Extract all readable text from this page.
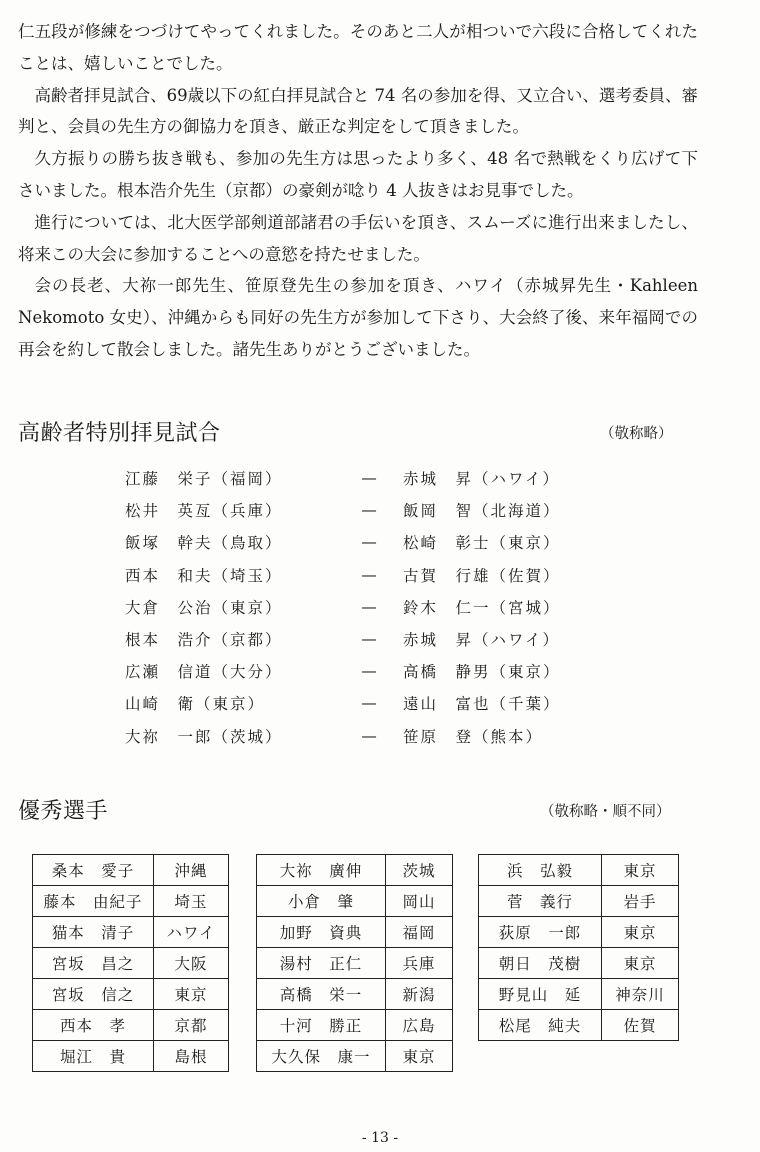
仁五段が修練をつづけてやってくれました。そのあと二人が相ついで六段に合格してくれたことは、嬉しいことでした。

高齢者拝見試合、69歳以下の紅白拝見試合と 74 名の参加を得、又立合い、選考委員、審判と、会員の先生方の御協力を頂き、厳正な判定をして頂きました。

久方振りの勝ち抜き戦も、参加の先生方は思ったより多く、48 名で熱戦をくり広げて下さいました。根本浩介先生（京都）の豪剣が唸り 4 人抜きはお見事でした。

進行については、北大医学部剣道部諸君の手伝いを頂き、スムーズに進行出来ましたし、将来この大会に参加することへの意慾を持たせました。

会の長老、大祢一郎先生、笹原登先生の参加を頂き、ハワイ（赤城昇先生・Kahleen Nekomoto 女史）、沖縄からも同好の先生方が参加して下さり、大会終了後、来年福岡での再会を約して散会しました。諸先生ありがとうございました。

高齢者特別拝見試合	（敬称略）
江藤　栄子（福岡）	—	赤城　昇（ハワイ）
松井　英亙（兵庫）	—	飯岡　智（北海道）
飯塚　幹夫（鳥取）	—	松崎　彰士（東京）
西本　和夫（埼玉）	—	古賀　行雄（佐賀）
大倉　公治（東京）	—	鈴木　仁一（宮城）
根本　浩介（京都）	—	赤城　昇（ハワイ）
広瀬　信道（大分）	—	高橋　静男（東京）
山崎　衛（東京）	—	遠山　富也（千葉）
大祢　一郎（茨城）	—	笹原　登（熊本）
優秀選手	（敬称略・順不同）
桑本　愛子	沖縄
藤本　由紀子	埼玉
猫本　清子	ハワイ
宮坂　昌之	大阪
宮坂　信之	東京
西本　孝	京都
堀江　貴	島根
大祢　廣伸	茨城
小倉　肇	岡山
加野　資典	福岡
湯村　正仁	兵庫
高橋　栄一	新潟
十河　勝正	広島
大久保　康一	東京
浜　弘毅	東京
菅　義行	岩手
荻原　一郎	東京
朝日　茂樹	東京
野見山　延	神奈川
松尾　純夫	佐賀
- 13 -
